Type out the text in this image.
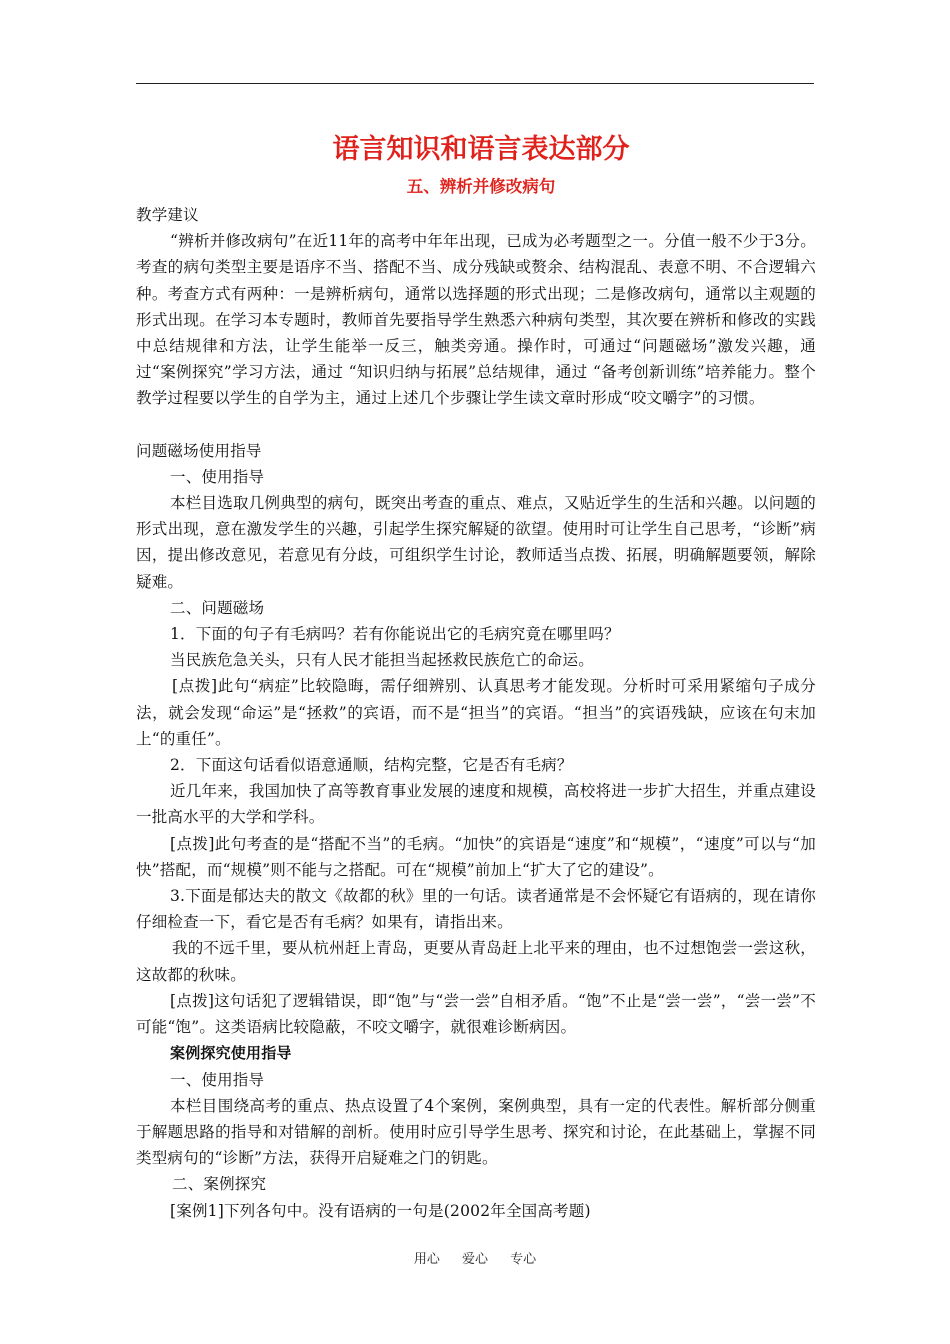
语言知识和语言表达部分
五、辨析并修改病句

教学建议

“辨析并修改病句”在近11年的高考中年年出现，已成为必考题型之一。分值一般不少于3分。考查的病句类型主要是语序不当、搭配不当、成分残缺或赘余、结构混乱、表意不明、不合逻辑六种。考查方式有两种：一是辨析病句，通常以选择题的形式出现；二是修改病句，通常以主观题的形式出现。在学习本专题时，教师首先要指导学生熟悉六种病句类型，其次要在辨析和修改的实践中总结规律和方法，让学生能举一反三，触类旁通。操作时，可通过“问题磁场”激发兴趣，通过“案例探究”学习方法，通过 “知识归纳与拓展”总结规律，通过 “备考创新训练”培养能力。整个教学过程要以学生的自学为主，通过上述几个步骤让学生读文章时形成“咬文嚼字”的习惯。

问题磁场使用指导

一、使用指导

本栏目选取几例典型的病句，既突出考查的重点、难点，又贴近学生的生活和兴趣。以问题的形式出现，意在激发学生的兴趣，引起学生探究解疑的欲望。使用时可让学生自己思考，“诊断”病因，提出修改意见，若意见有分歧，可组织学生讨论，教师适当点拨、拓展，明确解题要领，解除疑难。

二、问题磁场

1．下面的句子有毛病吗？若有你能说出它的毛病究竟在哪里吗？

当民族危急关头，只有人民才能担当起拯救民族危亡的命运。

[点拨]此句“病症”比较隐晦，需仔细辨别、认真思考才能发现。分析时可采用紧缩句子成分法，就会发现“命运”是“拯救”的宾语，而不是“担当”的宾语。“担当”的宾语残缺，应该在句末加上“的重任”。

2．下面这句话看似语意通顺，结构完整，它是否有毛病？

近几年来，我国加快了高等教育事业发展的速度和规模，高校将进一步扩大招生，并重点建设一批高水平的大学和学科。

[点拨]此句考查的是“搭配不当”的毛病。“加快”的宾语是“速度”和“规模”，“速度”可以与“加快”搭配，而“规模”则不能与之搭配。可在“规模”前加上“扩大了它的建设”。

3.下面是郁达夫的散文《故都的秋》里的一句话。读者通常是不会怀疑它有语病的，现在请你仔细检查一下，看它是否有毛病？如果有，请指出来。

我的不远千里，要从杭州赶上青岛，更要从青岛赶上北平来的理由，也不过想饱尝一尝这秋，这故都的秋味。

[点拨]这句话犯了逻辑错误，即“饱”与“尝一尝”自相矛盾。“饱”不止是“尝一尝”，“尝一尝”不可能“饱”。这类语病比较隐蔽，不咬文嚼字，就很难诊断病因。

案例探究使用指导

一、使用指导

本栏目围绕高考的重点、热点设置了4个案例，案例典型，具有一定的代表性。解析部分侧重于解题思路的指导和对错解的剖析。使用时应引导学生思考、探究和讨论，在此基础上，掌握不同类型病句的“诊断”方法，获得开启疑难之门的钥匙。

二、案例探究

[案例1]下列各句中。没有语病的一句是(2002年全国高考题)

用心 爱心 专心
